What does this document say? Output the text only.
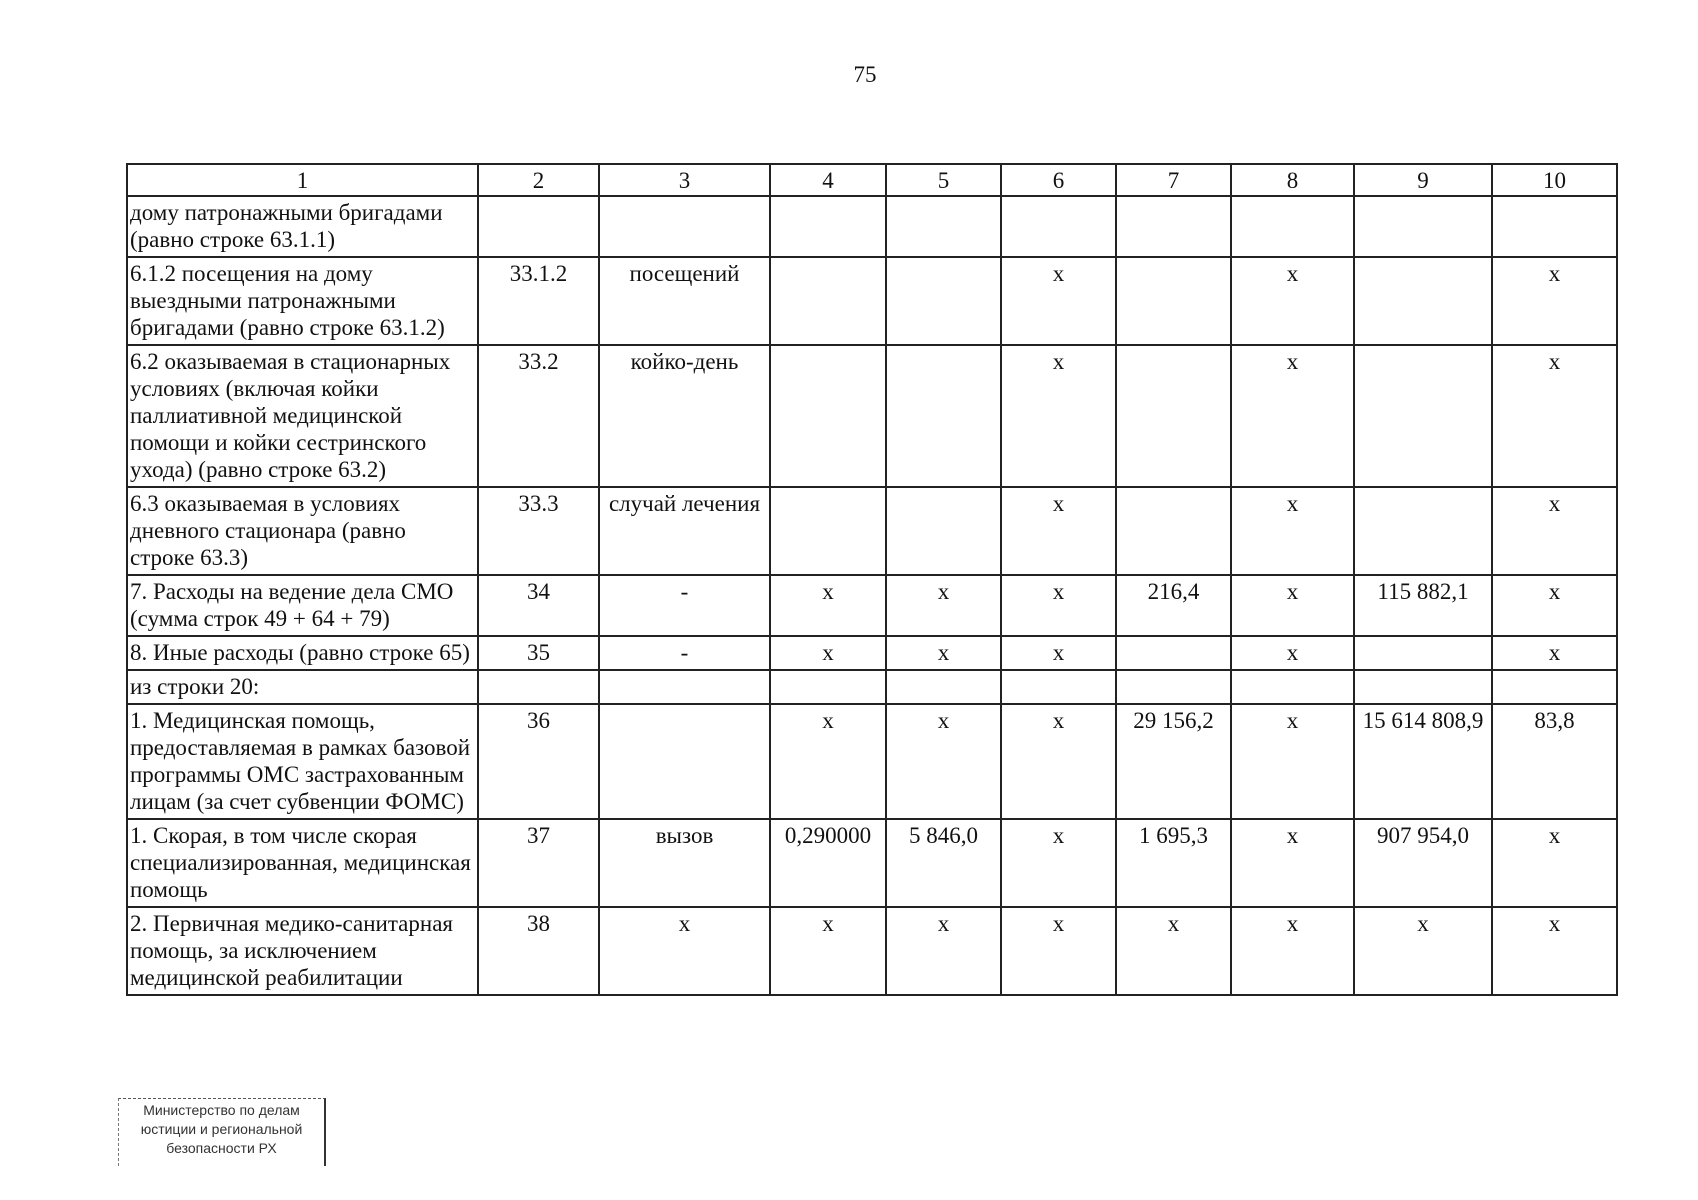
75
1	2	3	4	5	6	7	8	9	10
дому патронажными бригадами (равно строке 63.1.1)									
6.1.2 посещения на дому выездными патронажными бригадами (равно строке 63.1.2)	33.1.2	посещений			х		х		х
6.2 оказываемая в стационарных условиях (включая койки паллиативной медицинской помощи и койки сестринского ухода) (равно строке 63.2)	33.2	койко-день			х		х		х
6.3 оказываемая в условиях дневного стационара (равно строке 63.3)	33.3	случай лечения			х		х		х
7. Расходы на ведение дела СМО (сумма строк 49 + 64 + 79)	34	-	х	х	х	216,4	х	115 882,1	х
8. Иные расходы (равно строке 65)	35	-	х	х	х		х		х
из строки 20:									
1. Медицинская помощь, предоставляемая в рамках базовой программы ОМС застрахованным лицам (за счет субвенции ФОМС)	36		х	х	х	29 156,2	х	15 614 808,9	83,8
1. Скорая, в том числе скорая специализированная, медицинская помощь	37	вызов	0,290000	5 846,0	х	1 695,3	х	907 954,0	х
2. Первичная медико-санитарная помощь, за исключением медицинской реабилитации	38	х	х	х	х	х	х	х	х
Министерство по делам
юстиции и региональной
безопасности РХ
